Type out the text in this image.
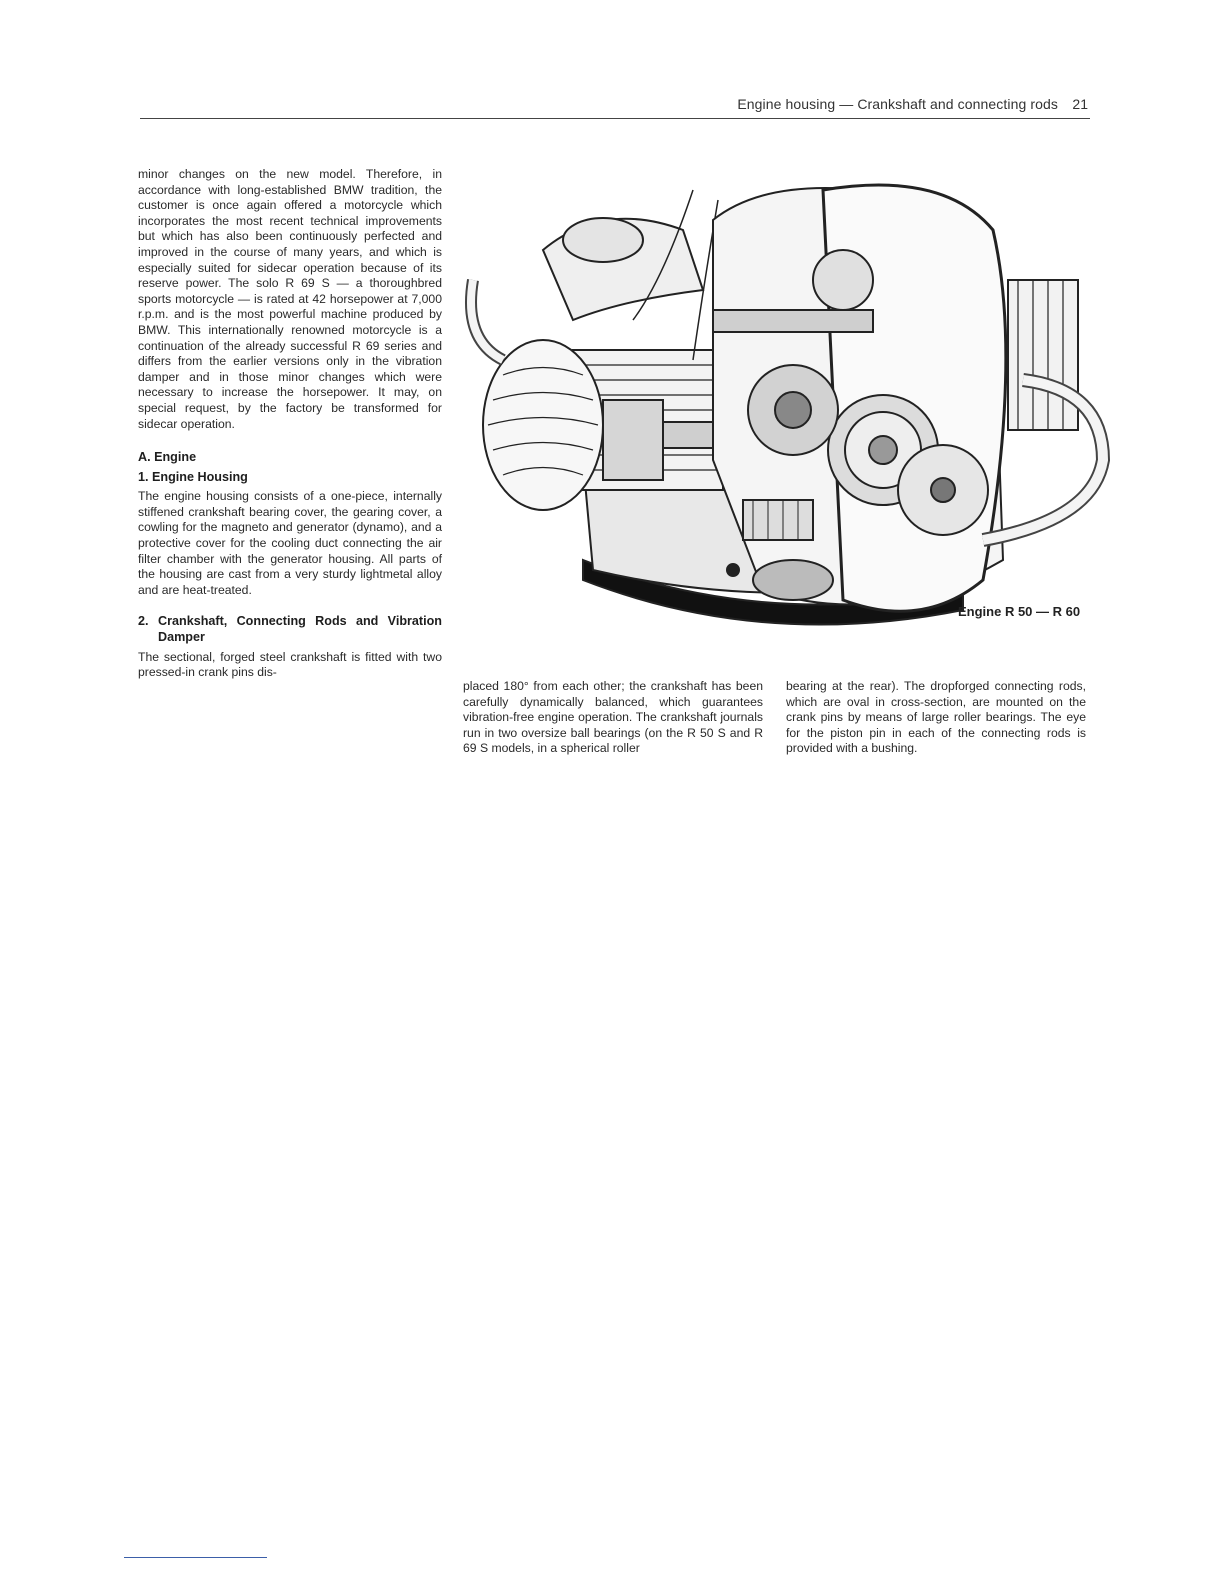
Engine housing — Crankshaft and connecting rods 21

minor changes on the new model. Therefore, in accordance with long-established BMW tradition, the customer is once again offered a motorcycle which incorporates the most recent technical improvements but which has also been continuously perfected and improved in the course of many years, and which is especially suited for sidecar operation because of its reserve power. The solo R 69 S — a thoroughbred sports motorcycle — is rated at 42 horsepower at 7,000 r.p.m. and is the most powerful machine produced by BMW. This internationally renowned motorcycle is a continuation of the already successful R 69 series and differs from the earlier versions only in the vibration damper and in those minor changes which were necessary to increase the horsepower. It may, on special request, by the factory be transformed for sidecar operation.

A. Engine
1. Engine Housing

The engine housing consists of a one-piece, internally stiffened crankshaft bearing cover, the gearing cover, a cowling for the magneto and generator (dynamo), and a protective cover for the cooling duct connecting the air filter chamber with the generator housing. All parts of the housing are cast from a very sturdy lightmetal alloy and are heat-treated.

2. Crankshaft, Connecting Rods and Vibration Damper

The sectional, forged steel crankshaft is fitted with two pressed-in crank pins dis-

Engine R 50 — R 60

placed 180° from each other; the crankshaft has been carefully dynamically balanced, which guarantees vibration-free engine operation. The crankshaft journals run in two oversize ball bearings (on the R 50 S and R 69 S models, in a spherical roller

bearing at the rear). The dropforged connecting rods, which are oval in cross-section, are mounted on the crank pins by means of large roller bearings. The eye for the piston pin in each of the connecting rods is provided with a bushing.
